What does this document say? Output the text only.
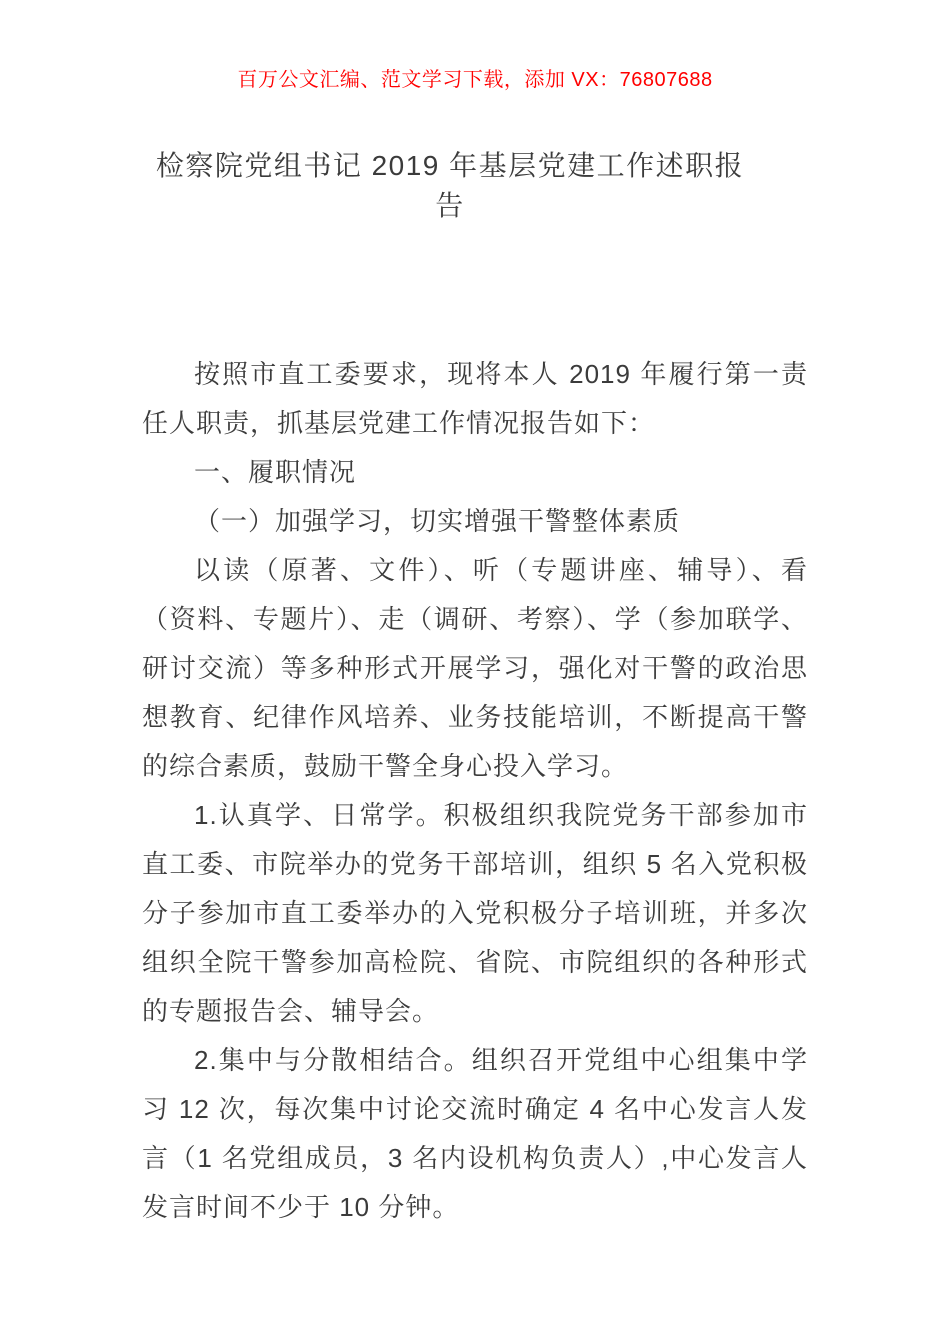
百万公文汇编、范文学习下载，添加 VX：76807688
检察院党组书记 2019 年基层党建工作述职报告

按照市直工委要求，现将本人 2019 年履行第一责任人职责，抓基层党建工作情况报告如下：

一、履职情况

（一）加强学习，切实增强干警整体素质

以读（原著、文件）、听（专题讲座、辅导）、看（资料、专题片）、走（调研、考察）、学（参加联学、研讨交流）等多种形式开展学习，强化对干警的政治思想教育、纪律作风培养、业务技能培训，不断提高干警的综合素质，鼓励干警全身心投入学习。

1.认真学、日常学。积极组织我院党务干部参加市直工委、市院举办的党务干部培训，组织 5 名入党积极分子参加市直工委举办的入党积极分子培训班，并多次组织全院干警参加高检院、省院、市院组织的各种形式的专题报告会、辅导会。

2.集中与分散相结合。组织召开党组中心组集中学习 12 次，每次集中讨论交流时确定 4 名中心发言人发言（1 名党组成员，3 名内设机构负责人）,中心发言人发言时间不少于 10 分钟。
